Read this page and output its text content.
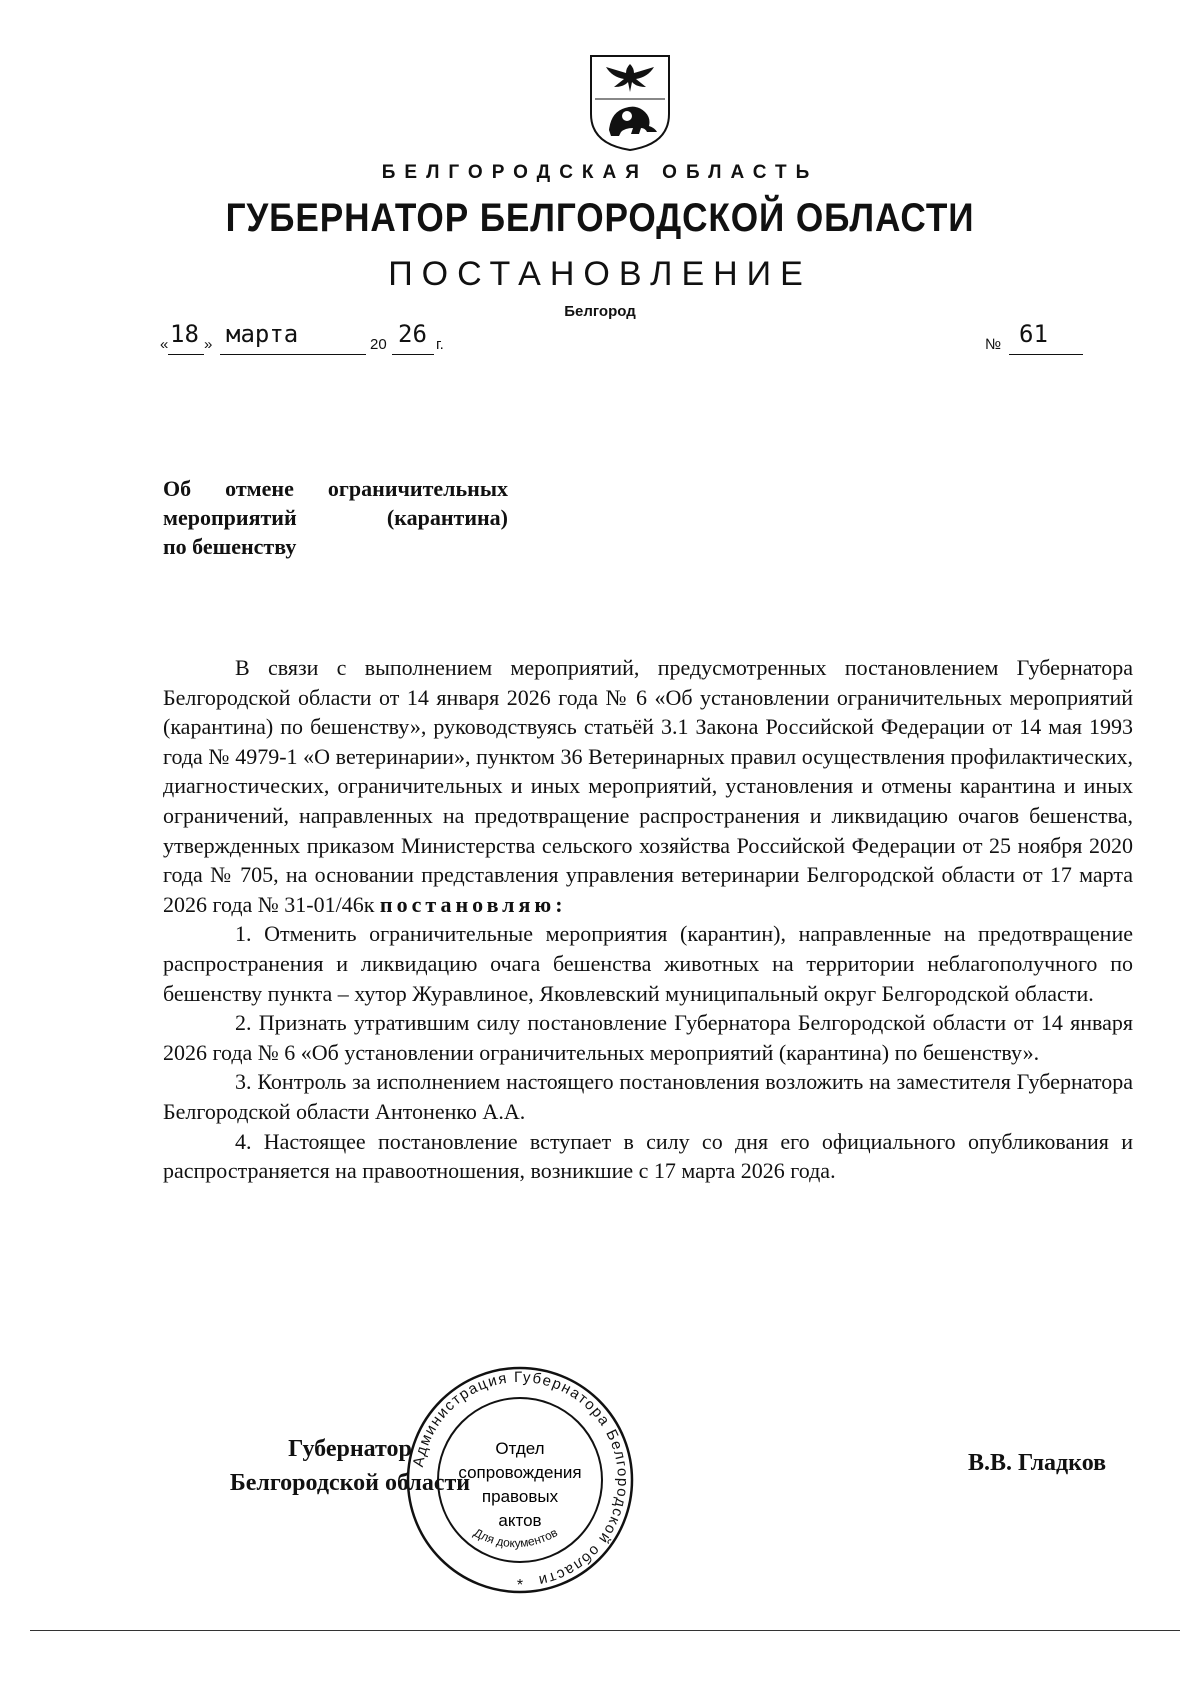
БЕЛГОРОДСКАЯ ОБЛАСТЬ
ГУБЕРНАТОР БЕЛГОРОДСКОЙ ОБЛАСТИ
ПОСТАНОВЛЕНИЕ
Белгород
« 18 » марта	20 26 г.	№ 61
Об отмене ограничительных
мероприятий (карантина)
по бешенству

В связи с выполнением мероприятий, предусмотренных постановлением Губернатора Белгородской области от 14 января 2026 года № 6 «Об установлении ограничительных мероприятий (карантина) по бешенству», руководствуясь статьёй 3.1 Закона Российской Федерации от 14 мая 1993 года № 4979-1 «О ветеринарии», пунктом 36 Ветеринарных правил осуществления профилактических, диагностических, ограничительных и иных мероприятий, установления и отмены карантина и иных ограничений, направленных на предотвращение распространения и ликвидацию очагов бешенства, утвержденных приказом Министерства сельского хозяйства Российской Федерации от 25 ноября 2020 года № 705, на основании представления управления ветеринарии Белгородской области от 17 марта 2026 года № 31-01/46к постановляю:

1. Отменить ограничительные мероприятия (карантин), направленные на предотвращение распространения и ликвидацию очага бешенства животных на территории неблагополучного по бешенству пункта – хутор Журавлиное, Яковлевский муниципальный округ Белгородской области.

2. Признать утратившим силу постановление Губернатора Белгородской области от 14 января 2026 года № 6 «Об установлении ограничительных мероприятий (карантина) по бешенству».

3. Контроль за исполнением настоящего постановления возложить на заместителя Губернатора Белгородской области Антоненко А.А.

4. Настоящее постановление вступает в силу со дня его официального опубликования и распространяется на правоотношения, возникшие с 17 марта 2026 года.

Губернатор
Белгородской области
В.В. Гладков
Администрация Губернатора Белгородской области
Для документов
Отдел
сопровождения
правовых
актов
*
